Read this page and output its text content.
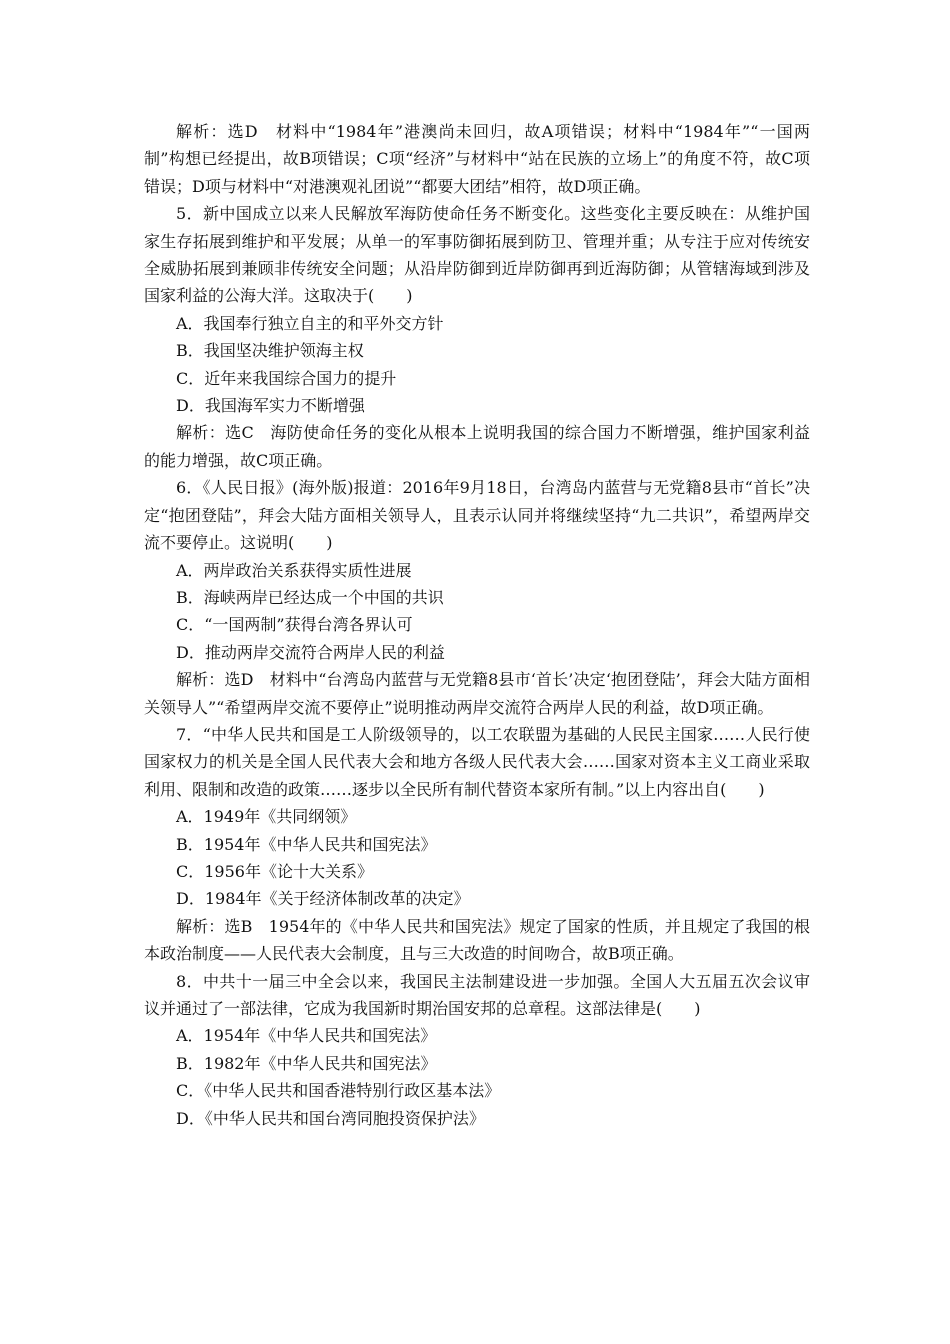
解析：选D　材料中“1984年”港澳尚未回归，故A项错误；材料中“1984年”“一国两制”构想已经提出，故B项错误；C项“经济”与材料中“站在民族的立场上”的角度不符，故C项错误；D项与材料中“对港澳观礼团说”“都要大团结”相符，故D项正确。

5．新中国成立以来人民解放军海防使命任务不断变化。这些变化主要反映在：从维护国家生存拓展到维护和平发展；从单一的军事防御拓展到防卫、管理并重；从专注于应对传统安全威胁拓展到兼顾非传统安全问题；从沿岸防御到近岸防御再到近海防御；从管辖海域到涉及国家利益的公海大洋。这取决于(　　)

A．我国奉行独立自主的和平外交方针

B．我国坚决维护领海主权

C．近年来我国综合国力的提升

D．我国海军实力不断增强

解析：选C　海防使命任务的变化从根本上说明我国的综合国力不断增强，维护国家利益的能力增强，故C项正确。

6．《人民日报》(海外版)报道：2016年9月18日，台湾岛内蓝营与无党籍8县市“首长”决定“抱团登陆”，拜会大陆方面相关领导人，且表示认同并将继续坚持“九二共识”，希望两岸交流不要停止。这说明(　　)

A．两岸政治关系获得实质性进展

B．海峡两岸已经达成一个中国的共识

C．“一国两制”获得台湾各界认可

D．推动两岸交流符合两岸人民的利益

解析：选D　材料中“台湾岛内蓝营与无党籍8县市‘首长’决定‘抱团登陆’，拜会大陆方面相关领导人”“希望两岸交流不要停止”说明推动两岸交流符合两岸人民的利益，故D项正确。

7．“中华人民共和国是工人阶级领导的，以工农联盟为基础的人民民主国家……人民行使国家权力的机关是全国人民代表大会和地方各级人民代表大会……国家对资本主义工商业采取利用、限制和改造的政策……逐步以全民所有制代替资本家所有制。”以上内容出自(　　)

A．1949年《共同纲领》

B．1954年《中华人民共和国宪法》

C．1956年《论十大关系》

D．1984年《关于经济体制改革的决定》

解析：选B　1954年的《中华人民共和国宪法》规定了国家的性质，并且规定了我国的根本政治制度——人民代表大会制度，且与三大改造的时间吻合，故B项正确。

8．中共十一届三中全会以来，我国民主法制建设进一步加强。全国人大五届五次会议审议并通过了一部法律，它成为我国新时期治国安邦的总章程。这部法律是(　　)

A．1954年《中华人民共和国宪法》

B．1982年《中华人民共和国宪法》

C．《中华人民共和国香港特别行政区基本法》

D．《中华人民共和国台湾同胞投资保护法》
